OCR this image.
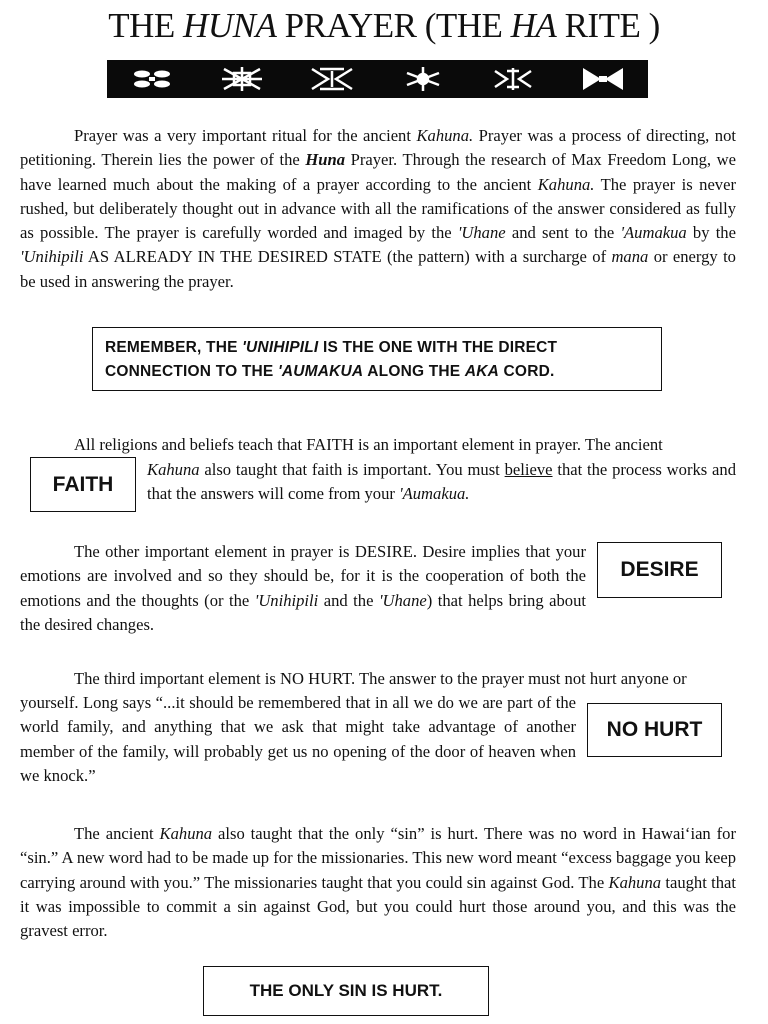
THE HUNA PRAYER (THE HA RITE )

Prayer was a very important ritual for the ancient Kahuna. Prayer was a process of directing, not petitioning. Therein lies the power of the Huna Prayer. Through the research of Max Freedom Long, we have learned much about the making of a prayer according to the ancient Kahuna. The prayer is never rushed, but deliberately thought out in advance with all the ramifications of the answer considered as fully as possible. The prayer is carefully worded and imaged by the 'Uhane and sent to the 'Aumakua by the 'Unihipili AS ALREADY IN THE DESIRED STATE (the pattern) with a surcharge of mana or energy to be used in answering the prayer.

REMEMBER, THE 'UNIHIPILI IS THE ONE WITH THE DIRECT
CONNECTION TO THE 'AUMAKUA ALONG THE AKA CORD.

All religions and beliefs teach that FAITH is an important element in prayer. The ancient

FAITH

Kahuna also taught that faith is important. You must believe that the process works and that the answers will come from your 'Aumakua.

DESIRE

The other important element in prayer is DESIRE. Desire implies that your emotions are involved and so they should be, for it is the cooperation of both the emotions and the thoughts (or the 'Unihipili and the 'Uhane) that helps bring about the desired changes.

The third important element is NO HURT. The answer to the prayer must not hurt anyone or

NO HURT

yourself. Long says “...it should be remembered that in all we do we are part of the world family, and anything that we ask that might take advantage of another member of the family, will probably get us no opening of the door of heaven when we knock.”

The ancient Kahuna also taught that the only “sin” is hurt. There was no word in Hawai‘ian for “sin.” A new word had to be made up for the missionaries. This new word meant “excess baggage you keep carrying around with you.” The missionaries taught that you could sin against God. The Kahuna taught that it was impossible to commit a sin against God, but you could hurt those around you, and this was the gravest error.

THE ONLY SIN IS HURT.
